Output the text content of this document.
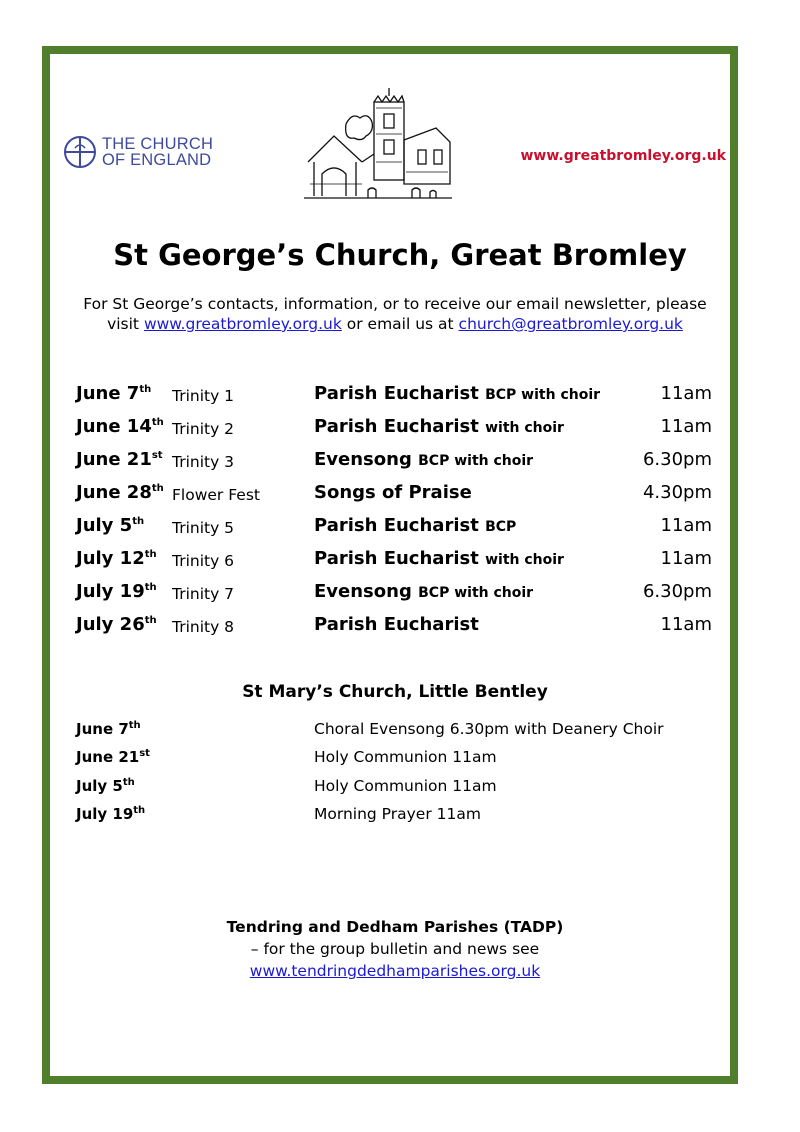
THE CHURCH
OF ENGLAND	www.greatbromley.org.uk
St George’s Church, Great Bromley
For St George’s contacts, information, or to receive our email newsletter, please
visit www.greatbromley.org.uk or email us at church@greatbromley.org.uk
June 7th Trinity 1	Parish Eucharist BCP with choir	11am
June 14th Trinity 2	Parish Eucharist with choir	11am
June 21st Trinity 3	Evensong BCP with choir	6.30pm
June 28th Flower Fest	Songs of Praise	4.30pm
July 5th Trinity 5	Parish Eucharist BCP	11am
July 12th Trinity 6	Parish Eucharist with choir	11am
July 19th Trinity 7	Evensong BCP with choir	6.30pm
July 26th Trinity 8	Parish Eucharist	11am
St Mary’s Church, Little Bentley
June 7th	Choral Evensong 6.30pm with Deanery Choir
June 21st	Holy Communion 11am
July 5th	Holy Communion 11am
July 19th	Morning Prayer 11am
Tendring and Dedham Parishes (TADP)
– for the group bulletin and news see
www.tendringdedhamparishes.org.uk
